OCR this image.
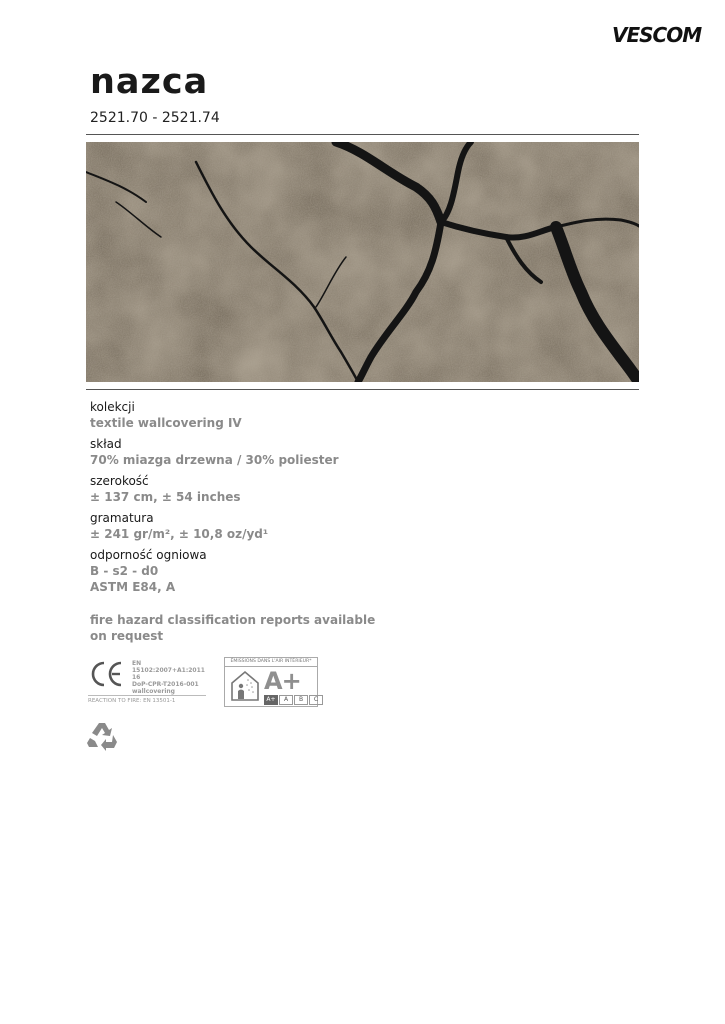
VESCOM
nazca
2521.70 - 2521.74
kolekcji
textile wallcovering IV
skład
70% miazga drzewna / 30% poliester
szerokość
± 137 cm, ± 54 inches
gramatura
± 241 gr/m², ± 10,8 oz/yd¹
odporność ogniowa
B - s2 - d0
ASTM E84, A
fire hazard classification reports available on request
EN 15102:2007+A1:2011
16
DoP-CPR-T2016-001
wallcovering
REACTION TO FIRE: EN 13501-1
ÉMISSIONS DANS L'AIR INTÉRIEUR*
A+
A+	A	B	C
